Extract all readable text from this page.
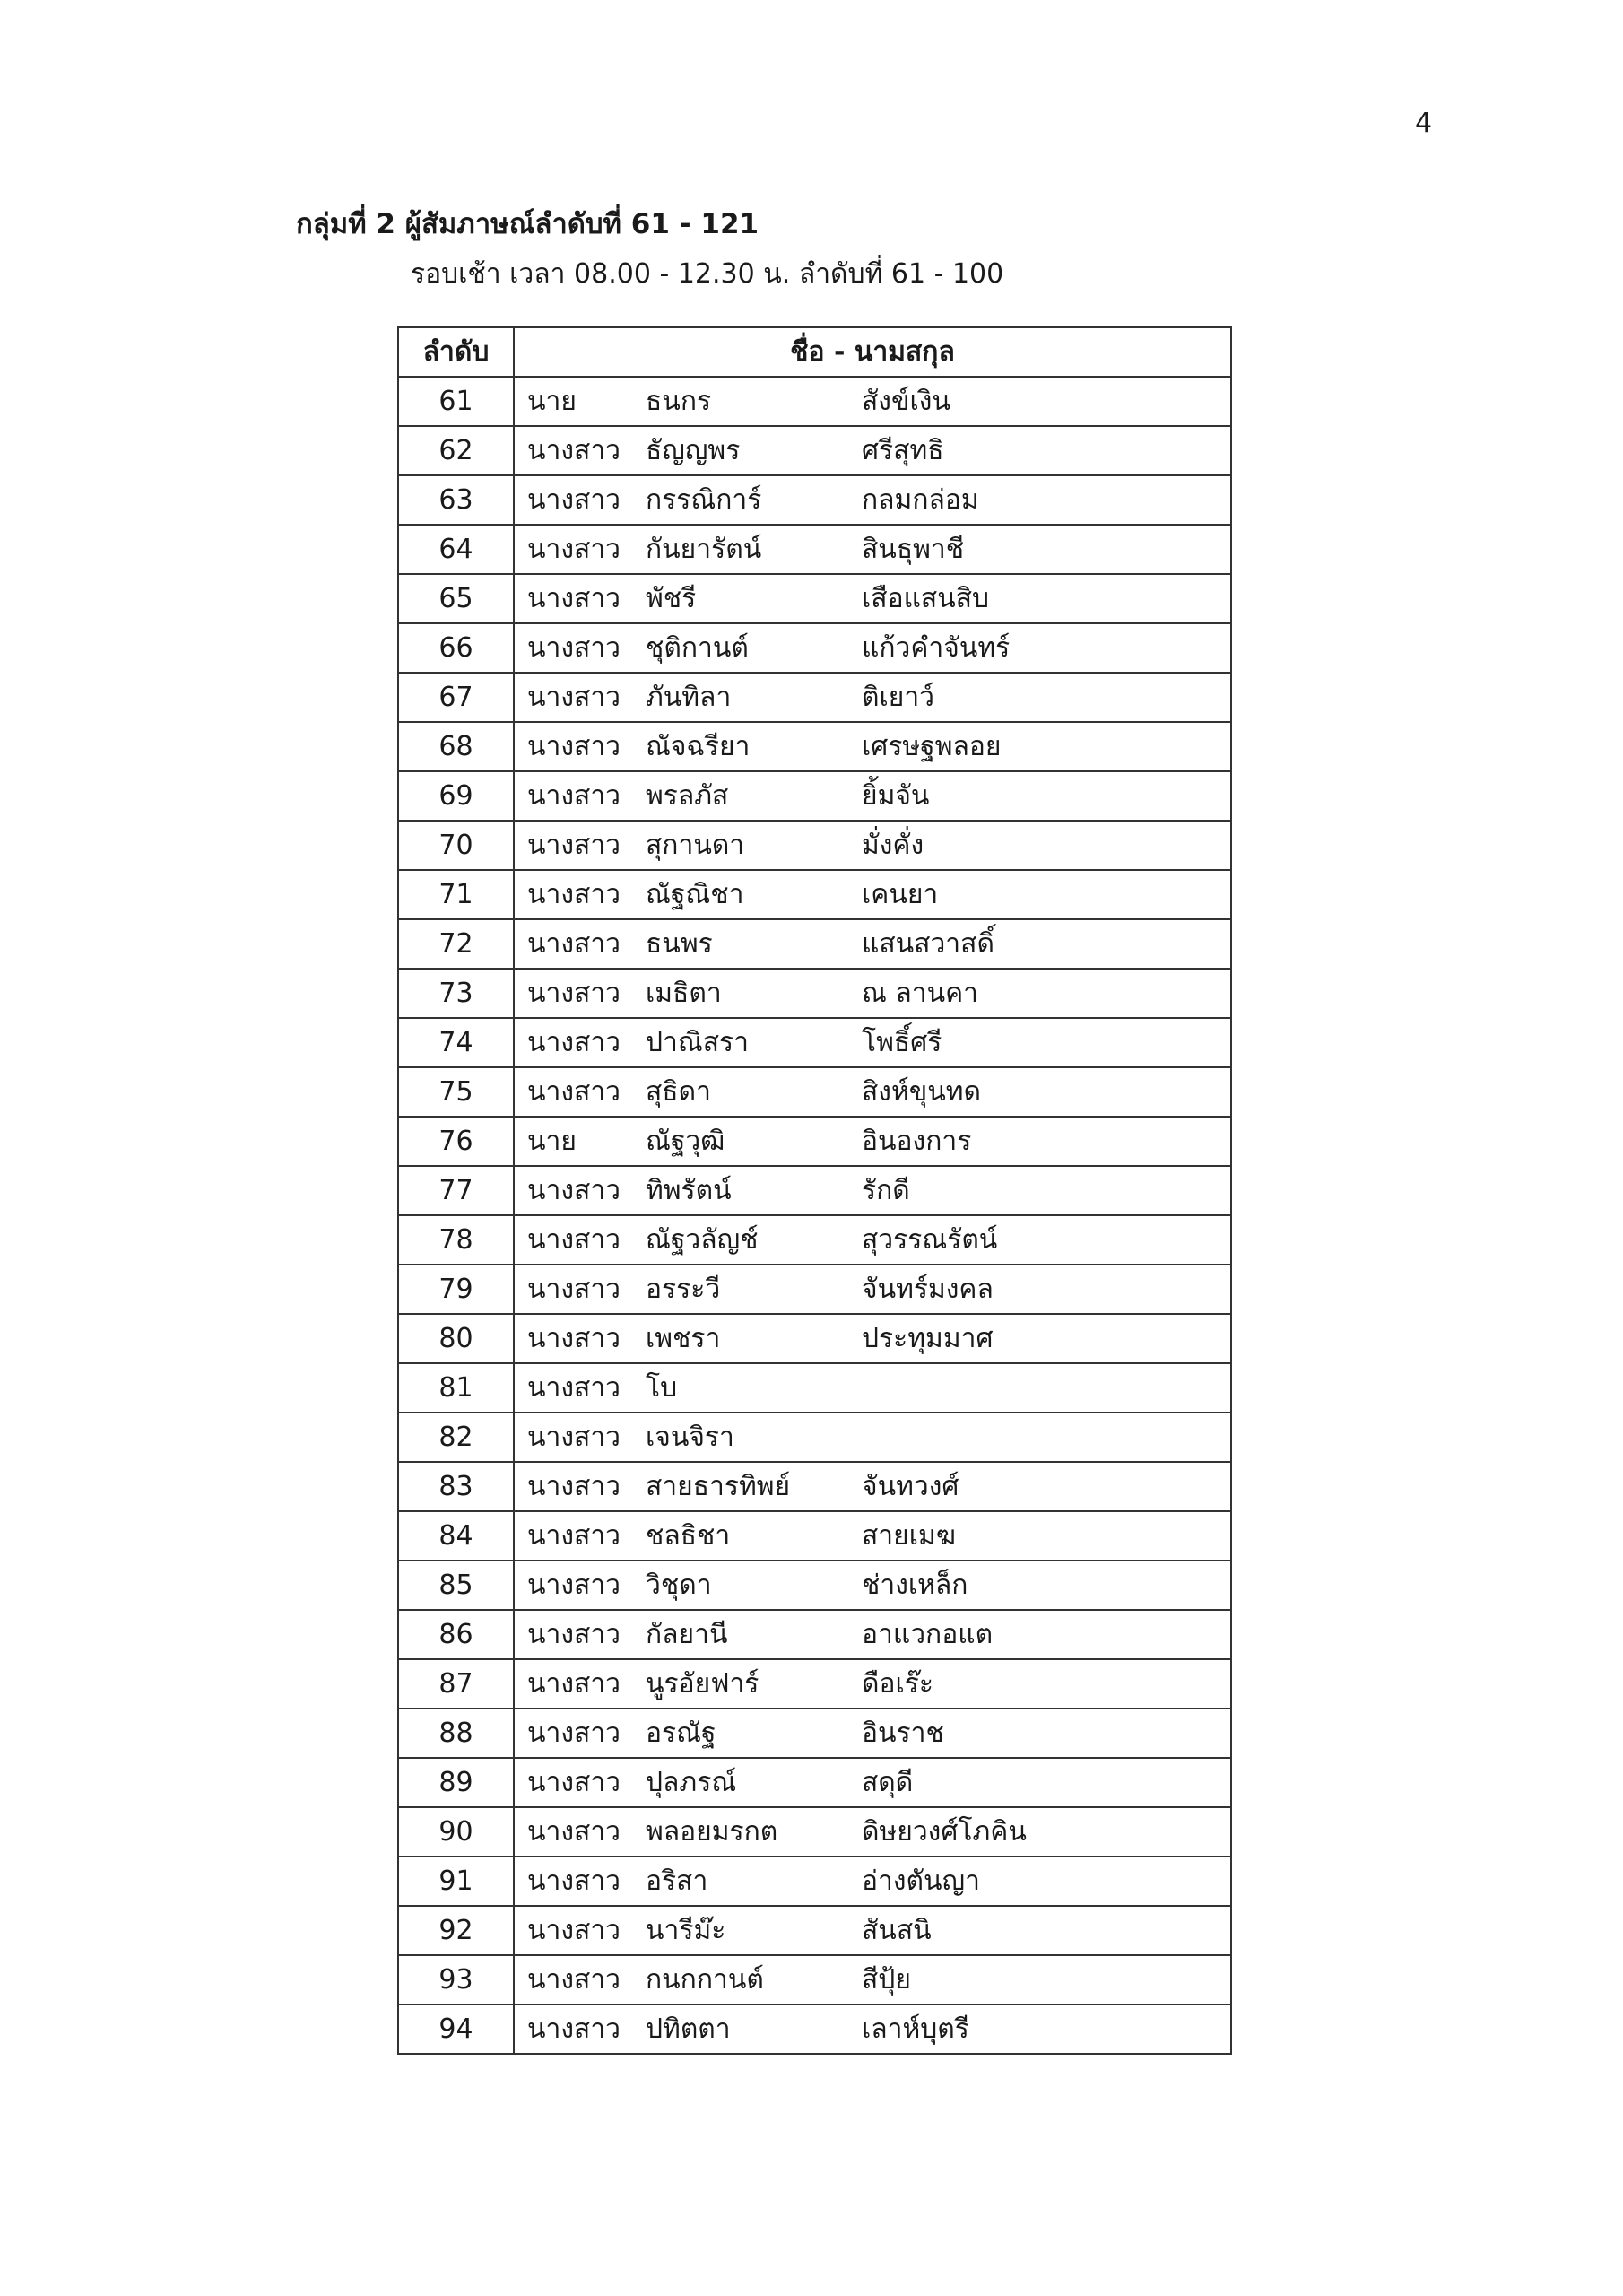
4
กลุ่มที่ 2 ผู้สัมภาษณ์ลำดับที่ 61 - 121
รอบเช้า เวลา 08.00 - 12.30 น. ลำดับที่ 61 - 100
ลำดับ	ชื่อ - นามสกุล
61	นาย ธนกร สังข์เงิน

62	นางสาว ธัญญพร ศรีสุทธิ

63	นางสาว กรรณิการ์ กลมกล่อม

64	นางสาว กันยารัตน์ สินธุพาชี

65	นางสาว พัชรี เสือแสนสิบ

66	นางสาว ชุติกานต์ แก้วคำจันทร์

67	นางสาว ภันทิลา ติเยาว์

68	นางสาว ณัจฉรียา เศรษฐพลอย

69	นางสาว พรลภัส ยิ้มจัน

70	นางสาว สุกานดา มั่งคั่ง

71	นางสาว ณัฐณิชา เคนยา

72	นางสาว ธนพร แสนสวาสดิ์

73	นางสาว เมธิตา ณ ลานคา

74	นางสาว ปาณิสรา โพธิ์ศรี

75	นางสาว สุธิดา สิงห์ขุนทด

76	นาย ณัฐวุฒิ อินองการ

77	นางสาว ทิพรัตน์ รักดี

78	นางสาว ณัฐวลัญช์ สุวรรณรัตน์

79	นางสาว อรระวี จันทร์มงคล

80	นางสาว เพชรา ประทุมมาศ

81	นางสาว โบ

82	นางสาว เจนจิรา

83	นางสาว สายธารทิพย์ จันทวงศ์

84	นางสาว ชลธิชา สายเมฆ

85	นางสาว วิชุดา ช่างเหล็ก

86	นางสาว กัลยานี อาแวกอแต

87	นางสาว นูรอัยฟาร์ ดือเร๊ะ

88	นางสาว อรณัฐ อินราช

89	นางสาว ปุลภรณ์ สดุดี

90	นางสาว พลอยมรกต ดิษยวงศ์โภคิน

91	นางสาว อริสา อ่างตันญา

92	นางสาว นารีม๊ะ สันสนิ

93	นางสาว กนกกานต์ สีปุ้ย

94	นางสาว ปทิตตา เลาห์บุตรี
